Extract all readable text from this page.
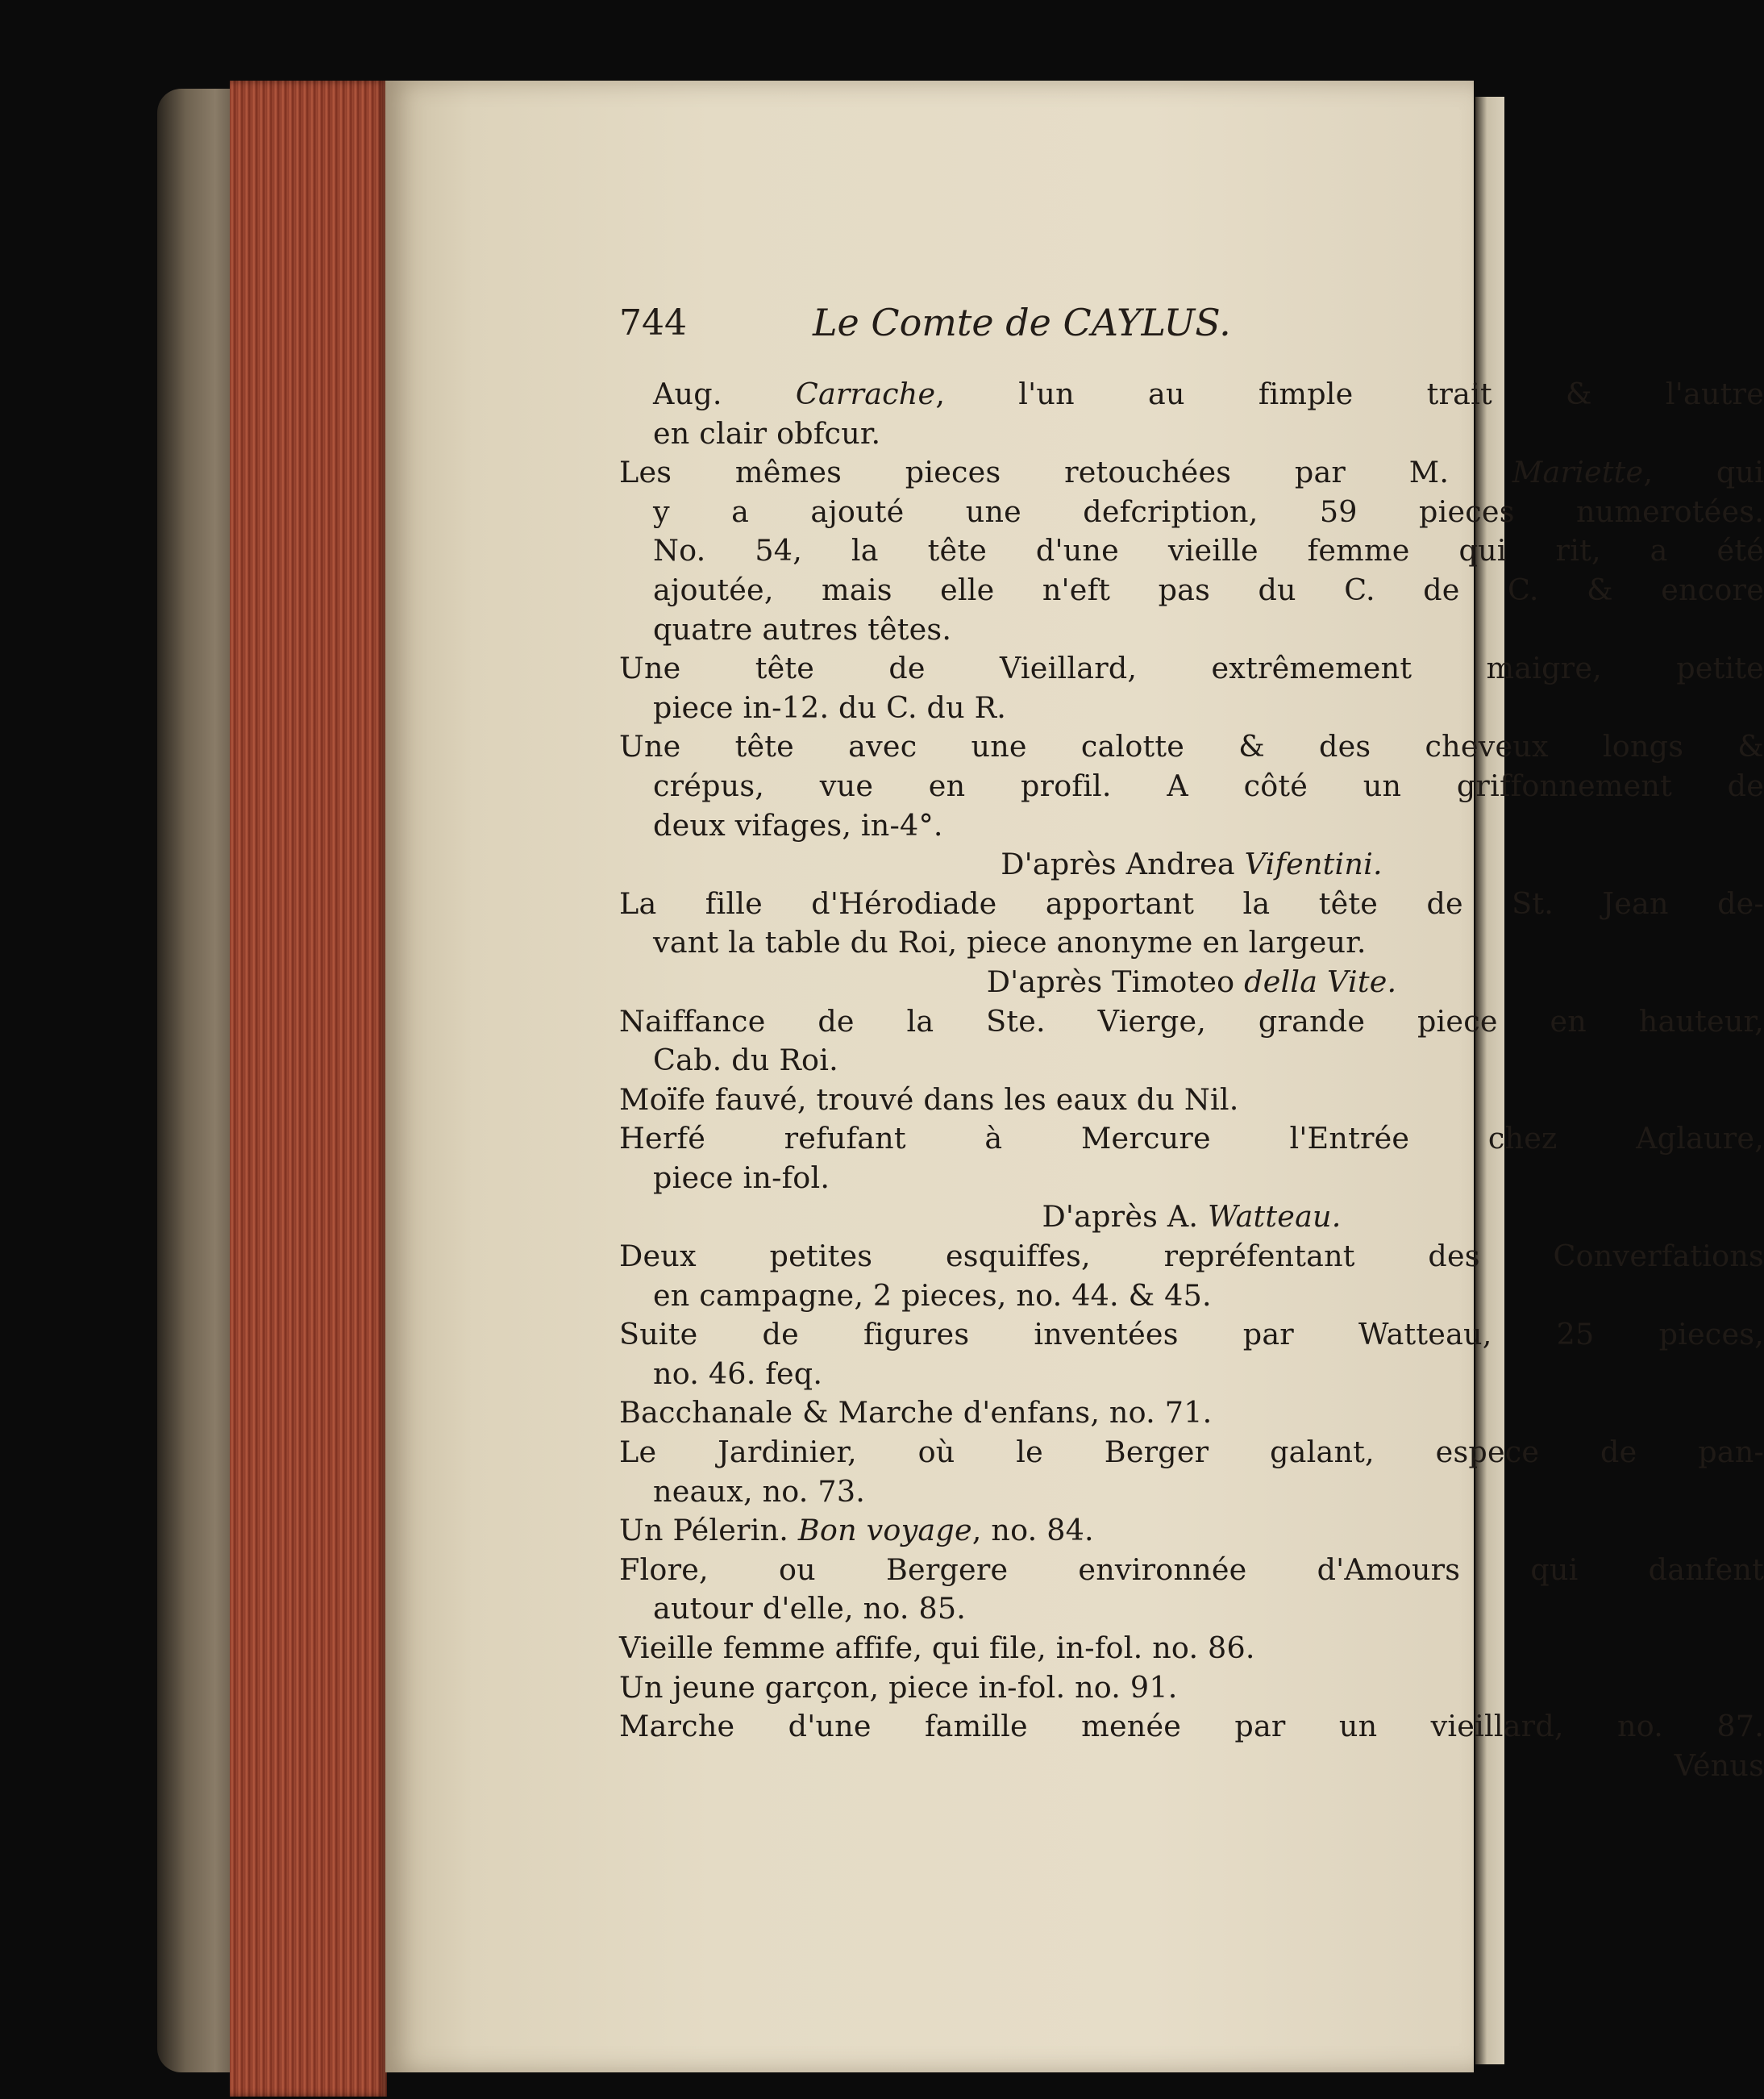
744	Le Comte de CAYLUS.
Aug. Carrache, l'un au fimple trait & l'autre
en clair obfcur.
Les mêmes pieces retouchées par M. Mariette, qui
y a ajouté une defcription, 59 pieces numerotées.
No. 54, la tête d'une vieille femme qui rit, a été
ajoutée, mais elle n'eft pas du C. de C. & encore
quatre autres têtes.
Une tête de Vieillard, extrêmement maigre, petite
piece in-12. du C. du R.
Une tête avec une calotte & des cheveux longs &
crépus, vue en profil. A côté un griffonnement de
deux vifages, in-4°.
D'après Andrea Vifentini.
La fille d'Hérodiade apportant la tête de St. Jean de-
vant la table du Roi, piece anonyme en largeur.
D'après Timoteo della Vite.
Naiffance de la Ste. Vierge, grande piece en hauteur,
Cab. du Roi.
Moïfe fauvé, trouvé dans les eaux du Nil.
Herfé refufant à Mercure l'Entrée chez Aglaure,
piece in-fol.
D'après A. Watteau.
Deux petites esquiffes, repréfentant des Converfations
en campagne, 2 pieces, no. 44. & 45.
Suite de figures inventées par Watteau, 25 pieces,
no. 46. feq.
Bacchanale & Marche d'enfans, no. 71.
Le Jardinier, où le Berger galant, espece de pan-
neaux, no. 73.
Un Pélerin. Bon voyage, no. 84.
Flore, ou Bergere environnée d'Amours qui danfent
autour d'elle, no. 85.
Vieille femme affife, qui file, in-fol. no. 86.
Un jeune garçon, piece in-fol. no. 91.
Marche d'une famille menée par un vieillard, no. 87.
Vénus
